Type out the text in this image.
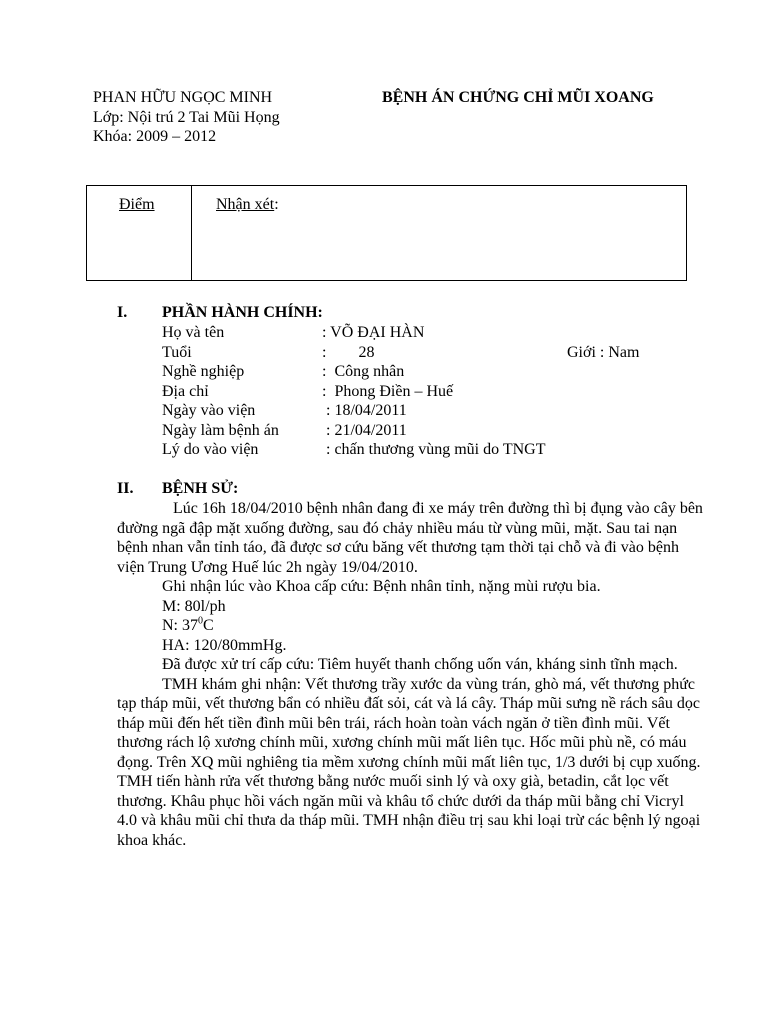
PHAN HỮU NGỌC MINH
Lớp: Nội trú 2 Tai Mũi Họng
Khóa: 2009 – 2012
BỆNH ÁN CHỨNG CHỈ MŨI XOANG
Điểm	Nhận xét:
I. PHẦN HÀNH CHÍNH:
Họ và tên	: VÕ ĐẠI HÀN
Tuổi	:        28	Giới : Nam
Nghề nghiệp	:  Công nhân
Địa chỉ	:  Phong Điền – Huế
Ngày vào viện	: 18/04/2011
Ngày làm bệnh án	: 21/04/2011
Lý do vào viện	: chấn thương vùng mũi do TNGT
II. BỆNH SỬ:

Lúc 16h 18/04/2010 bệnh nhân đang đi xe máy trên đường thì bị đụng vào cây bên đường ngã đập mặt xuống đường, sau đó chảy nhiều máu từ vùng mũi, mặt. Sau tai nạn bệnh nhan vẫn tỉnh táo, đã được sơ cứu băng vết thương tạm thời tại chỗ và đi vào bệnh viện Trung Ương Huế lúc 2h ngày 19/04/2010.

Ghi nhận lúc vào Khoa cấp cứu: Bệnh nhân tỉnh, nặng mùi rượu bia.

M: 80l/ph

N: $37^0C$

HA: 120/80mmHg.

Đã được xử trí cấp cứu: Tiêm huyết thanh chống uốn ván, kháng sinh tĩnh mạch.

TMH khám ghi nhận: Vết thương trầy xước da vùng trán, ghò má, vết thương phức tạp tháp mũi, vết thương bẩn có nhiều đất sỏi, cát và lá cây. Tháp mũi sưng nề rách sâu dọc tháp mũi đến hết tiền đình mũi bên trái, rách hoàn toàn vách ngăn ở tiền đình mũi. Vết thương rách lộ xương chính mũi, xương chính mũi mất liên tục. Hốc mũi phù nề, có máu đọng. Trên XQ mũi nghiêng tia mềm xương chính mũi mất liên tục, 1/3 dưới bị cụp xuống. TMH tiến hành rửa vết thương bằng nước muối sinh lý và oxy già, betadin, cắt lọc vết thương. Khâu phục hồi vách ngăn mũi và khâu tổ chức dưới da tháp mũi bằng chỉ Vicryl 4.0 và khâu mũi chỉ thưa da tháp mũi. TMH nhận điều trị sau khi loại trừ các bệnh lý ngoại khoa khác.
